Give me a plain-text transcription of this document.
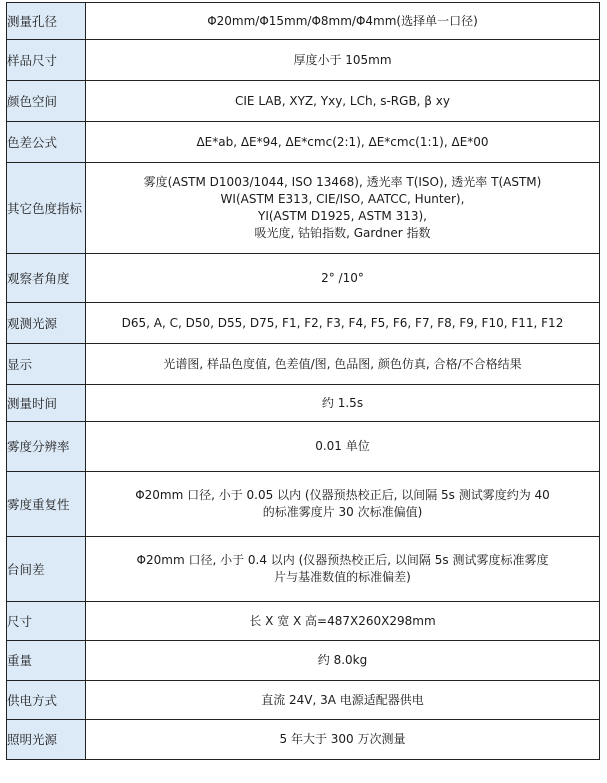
测量孔径	Φ20mm/Φ15mm/Φ8mm/Φ4mm(选择单一口径)

样品尺寸	厚度小于 105mm

颜色空间	CIE LAB, XYZ, Yxy, LCh, s-RGB, β xy

色差公式	ΔE*ab, ΔE*94, ΔE*cmc(2:1), ΔE*cmc(1:1), ΔE*00

其它色度指标	雾度(ASTM D1003/1044, ISO 13468), 透光率 T(ISO), 透光率 T(ASTM)
WI(ASTM E313, CIE/ISO, AATCC, Hunter),
YI(ASTM D1925, ASTM 313),
吸光度, 钴铂指数, Gardner 指数

观察者角度	2° /10°

观测光源	D65, A, C, D50, D55, D75, F1, F2, F3, F4, F5, F6, F7, F8, F9, F10, F11, F12

显示	光谱图, 样品色度值, 色差值/图, 色品图, 颜色仿真, 合格/不合格结果

测量时间	约 1.5s

雾度分辨率	0.01 单位

雾度重复性	Φ20mm 口径, 小于 0.05 以内 (仪器预热校正后, 以间隔 5s 测试雾度约为 40
的标准雾度片 30 次标准偏值)

台间差	Φ20mm 口径, 小于 0.4 以内 (仪器预热校正后, 以间隔 5s 测试雾度标准雾度
片与基准数值的标准偏差)

尺寸	长 X 宽 X 高=487X260X298mm

重量	约 8.0kg

供电方式	直流 24V, 3A 电源适配器供电

照明光源	5 年大于 300 万次测量
